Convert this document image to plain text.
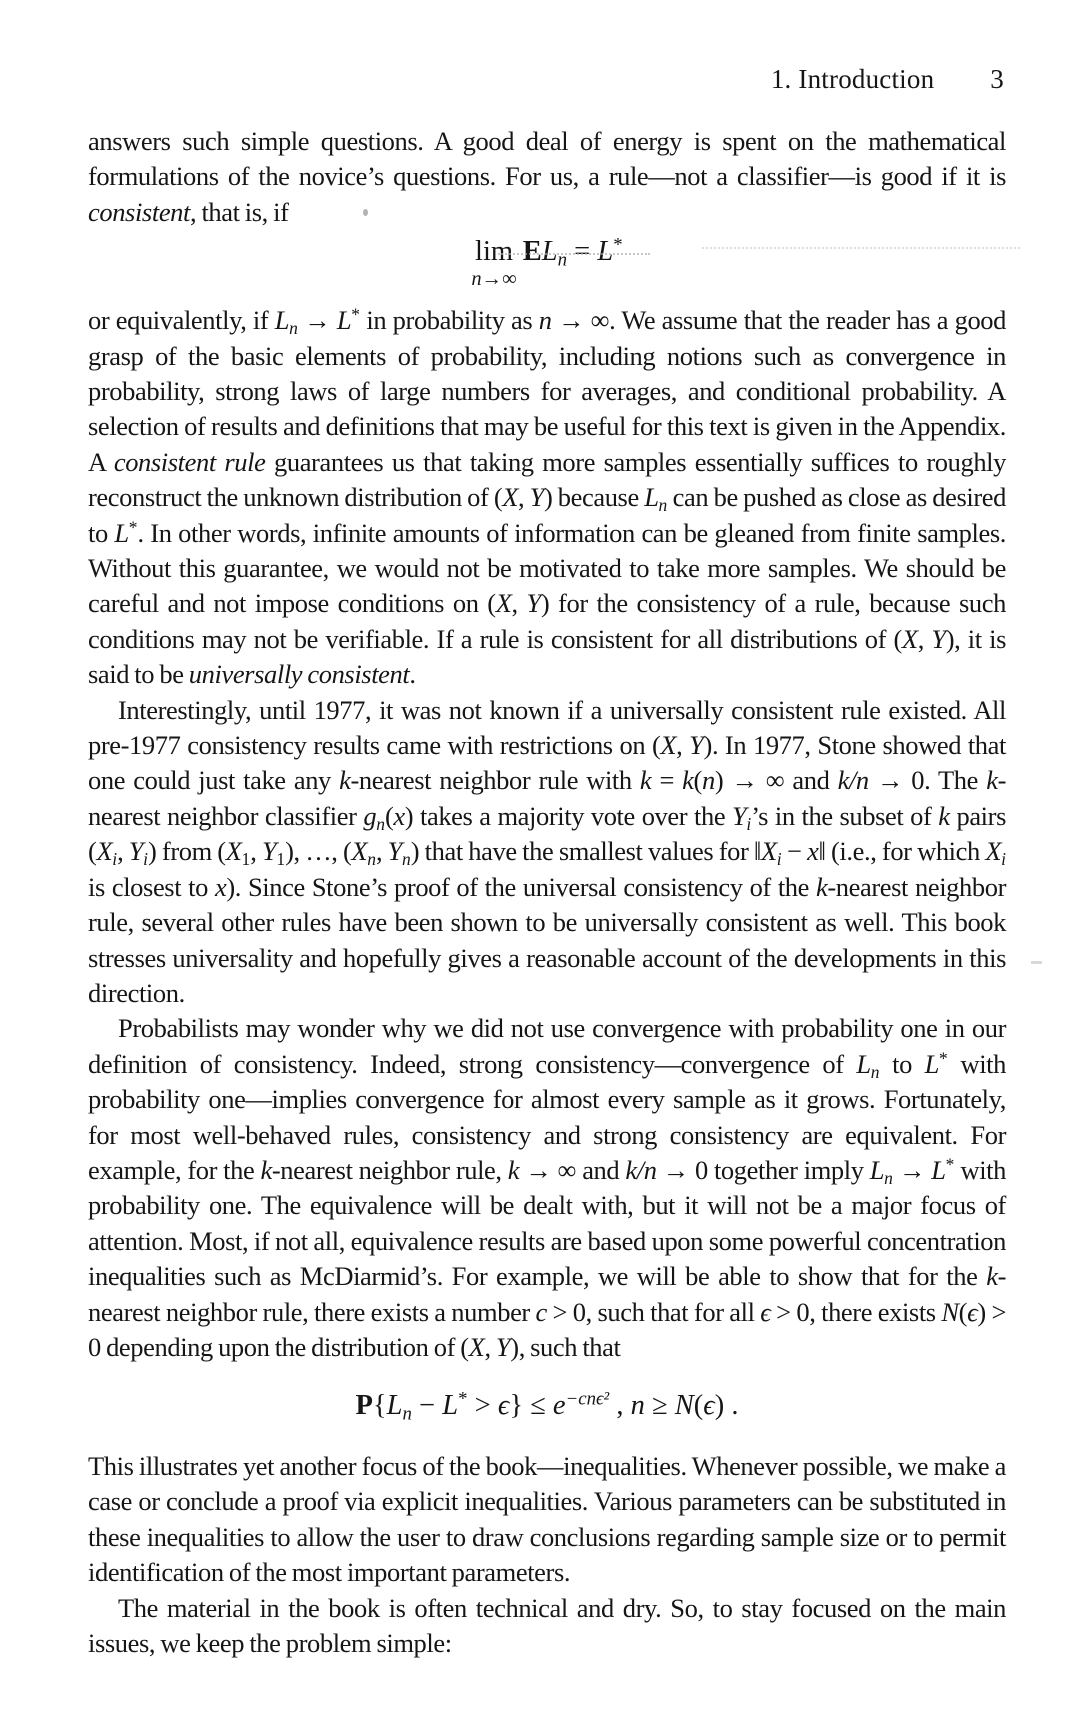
1. Introduction 3

answers such simple questions. A good deal of energy is spent on the mathematical formulations of the novice’s questions. For us, a rule—not a classifier—is good if it is consistent, that is, if

lim
n→∞
$EL_n = L^*$

or equivalently, if $L_n \to L^*$ in probability as n → ∞. We assume that the reader has a good grasp of the basic elements of probability, including notions such as convergence in probability, strong laws of large numbers for averages, and conditional probability. A selection of results and definitions that may be useful for this text is given in the Appendix. A consistent rule guarantees us that taking more samples essentially suffices to roughly reconstruct the unknown distribution of (X, Y) because $L_n$ can be pushed as close as desired to L*. In other words, infinite amounts of information can be gleaned from finite samples. Without this guarantee, we would not be motivated to take more samples. We should be careful and not impose conditions on (X, Y) for the consistency of a rule, because such conditions may not be verifiable. If a rule is consistent for all distributions of (X, Y), it is said to be universally consistent.

Interestingly, until 1977, it was not known if a universally consistent rule existed. All pre-1977 consistency results came with restrictions on (X, Y). In 1977, Stone showed that one could just take any k-nearest neighbor rule with k = k(n) → ∞ and k/n → 0. The k-nearest neighbor classifier $g_n(x)$ takes a majority vote over the $Y_i’s$ in the subset of k pairs ($X_i$, $Y_i$) from ($X_1$, $Y_1$), …, ($X_n$, $Y_n$) that have the smallest values for $‖X_i$ − x‖ (i.e., for which $X_i$ is closest to x). Since Stone’s proof of the universal consistency of the k-nearest neighbor rule, several other rules have been shown to be universally consistent as well. This book stresses universality and hopefully gives a reasonable account of the developments in this direction.

Probabilists may wonder why we did not use convergence with probability one in our definition of consistency. Indeed, strong consistency—convergence of $L_n$ to L* with probability one—implies convergence for almost every sample as it grows. Fortunately, for most well-behaved rules, consistency and strong consistency are equivalent. For example, for the k-nearest neighbor rule, k → ∞ and k/n → 0 together imply $L_n \to L^*$ with probability one. The equivalence will be dealt with, but it will not be a major focus of attention. Most, if not all, equivalence results are based upon some powerful concentration inequalities such as McDiarmid’s. For example, we will be able to show that for the k-nearest neighbor rule, there exists a number c > 0, such that for all ϵ > 0, there exists N(ϵ) > 0 depending upon the distribution of (X, Y), such that

$P\{L_n - L^* > \epsilon\} \le e^{-cn\epsilon^2}$ , n ≥ N(ϵ) .

This illustrates yet another focus of the book—inequalities. Whenever possible, we make a case or conclude a proof via explicit inequalities. Various parameters can be substituted in these inequalities to allow the user to draw conclusions regarding sample size or to permit identification of the most important parameters.

The material in the book is often technical and dry. So, to stay focused on the main issues, we keep the problem simple:
